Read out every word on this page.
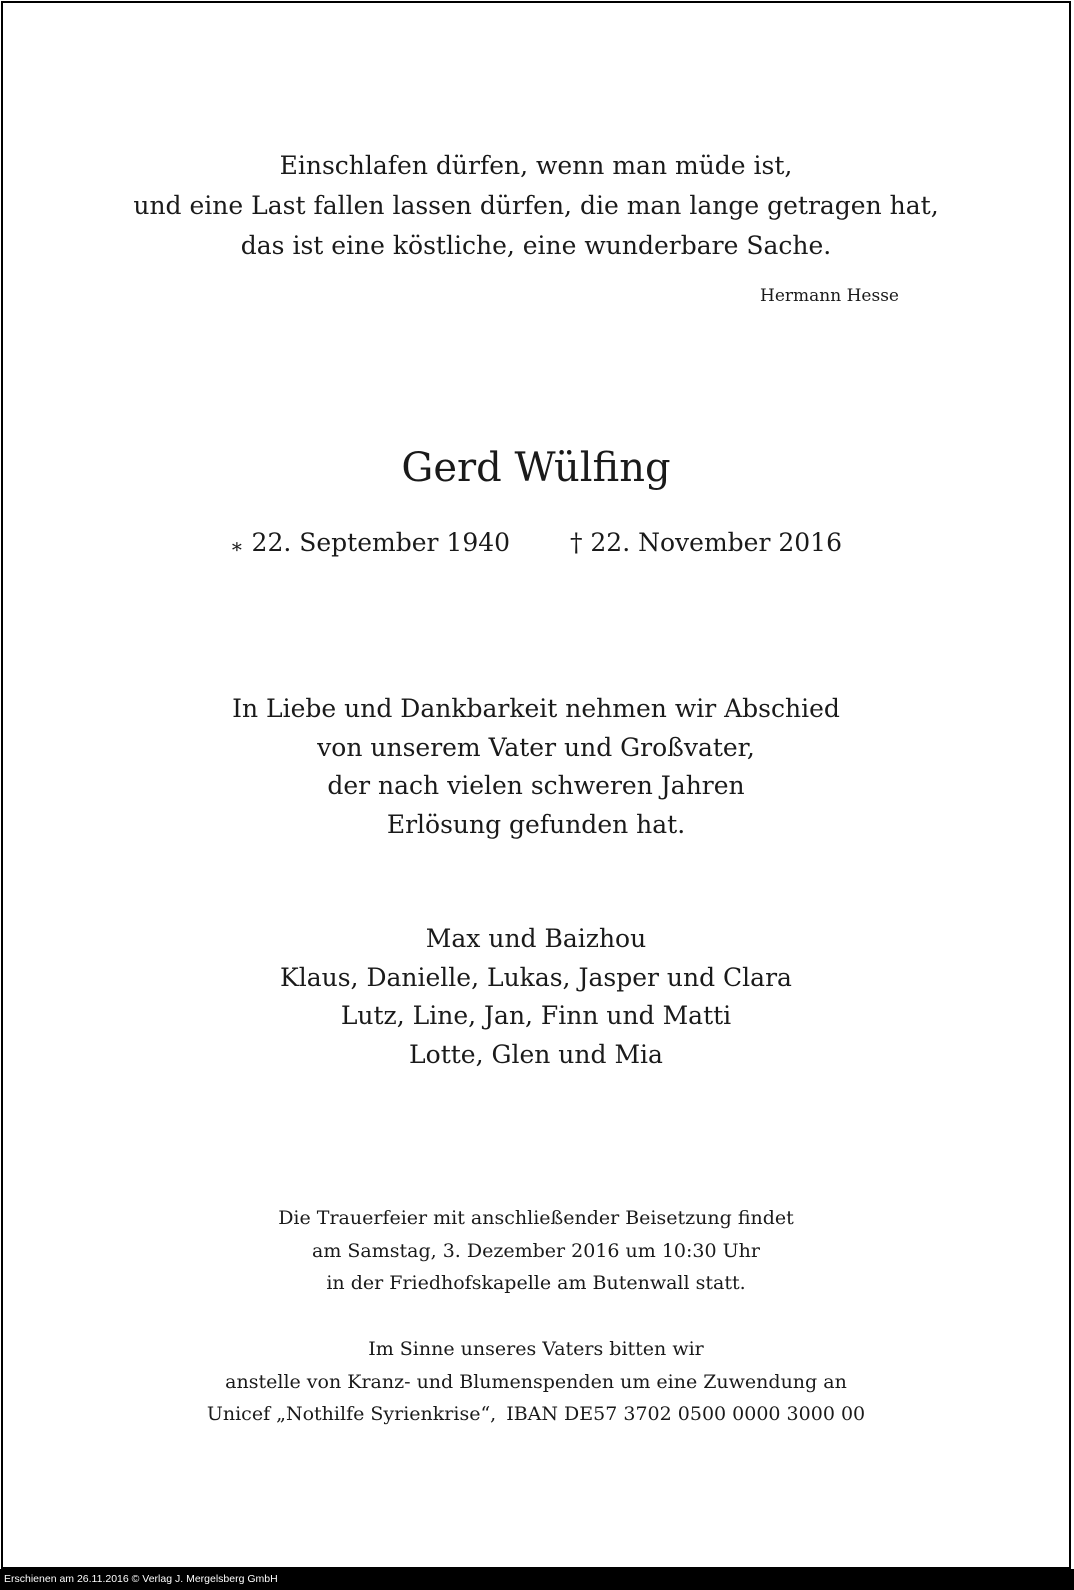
Einschlafen dürfen, wenn man müde ist,
und eine Last fallen lassen dürfen, die man lange getragen hat,
das ist eine köstliche, eine wunderbare Sache.
Hermann Hesse
Gerd Wülfing
∗ 22. September 1940 † 22. November 2016
In Liebe und Dankbarkeit nehmen wir Abschied
von unserem Vater und Großvater,
der nach vielen schweren Jahren
Erlösung gefunden hat.
Max und Baizhou
Klaus, Danielle, Lukas, Jasper und Clara
Lutz, Line, Jan, Finn und Matti
Lotte, Glen und Mia
Die Trauerfeier mit anschließender Beisetzung findet
am Samstag, 3. Dezember 2016 um 10:30 Uhr
in der Friedhofskapelle am Butenwall statt.
Im Sinne unseres Vaters bitten wir
anstelle von Kranz- und Blumenspenden um eine Zuwendung an
Unicef „Nothilfe Syrienkrise“, IBAN DE57 3702 0500 0000 3000 00
Erschienen am 26.11.2016 © Verlag J. Mergelsberg GmbH
